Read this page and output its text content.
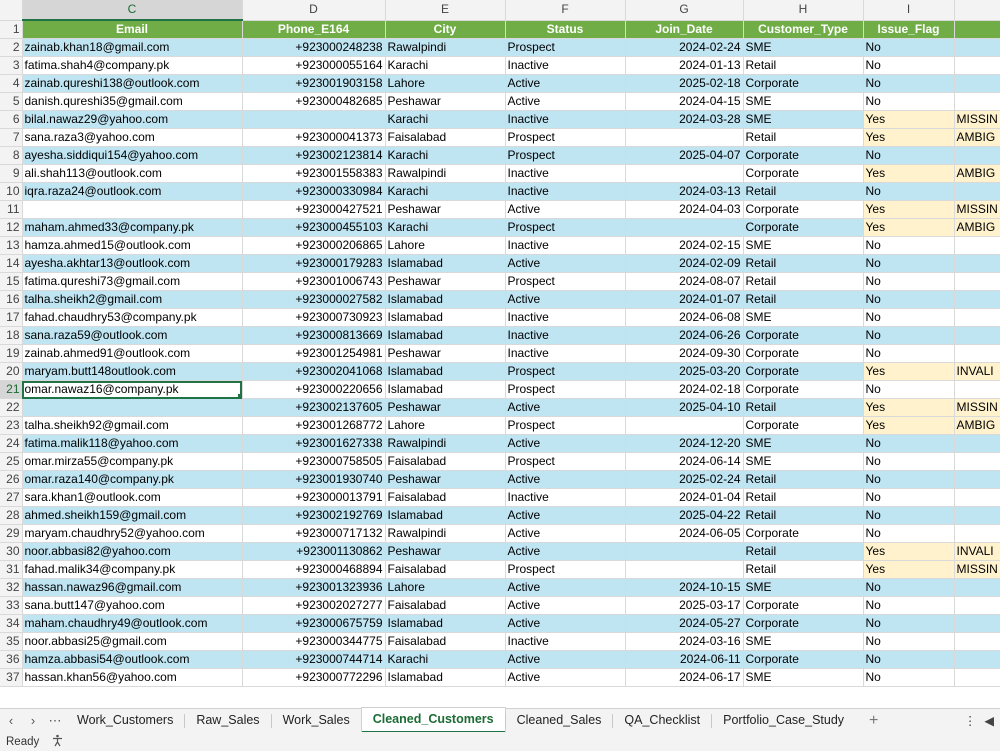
	C	D	E	F	G	H	I	
1	Email	Phone_E164	City	Status	Join_Date	Customer_Type	Issue_Flag	
2	zainab.khan18@gmail.com	+923000248238	Rawalpindi	Prospect	2024-02-24	SME	No	
3	fatima.shah4@company.pk	+923000055164	Karachi	Inactive	2024-01-13	Retail	No	
4	zainab.qureshi138@outlook.com	+923001903158	Lahore	Active	2025-02-18	Corporate	No	
5	danish.qureshi35@gmail.com	+923000482685	Peshawar	Active	2024-04-15	SME	No	
6	bilal.nawaz29@yahoo.com		Karachi	Inactive	2024-03-28	SME	Yes	MISSIN
7	sana.raza3@yahoo.com	+923000041373	Faisalabad	Prospect		Retail	Yes	AMBIG
8	ayesha.siddiqui154@yahoo.com	+923002123814	Karachi	Prospect	2025-04-07	Corporate	No	
9	ali.shah113@outlook.com	+923001558383	Rawalpindi	Inactive		Corporate	Yes	AMBIG
10	iqra.raza24@outlook.com	+923000330984	Karachi	Inactive	2024-03-13	Retail	No	
11		+923000427521	Peshawar	Active	2024-04-03	Corporate	Yes	MISSIN
12	maham.ahmed33@company.pk	+923000455103	Karachi	Prospect		Corporate	Yes	AMBIG
13	hamza.ahmed15@outlook.com	+923000206865	Lahore	Inactive	2024-02-15	SME	No	
14	ayesha.akhtar13@outlook.com	+923000179283	Islamabad	Active	2024-02-09	Retail	No	
15	fatima.qureshi73@gmail.com	+923001006743	Peshawar	Prospect	2024-08-07	Retail	No	
16	talha.sheikh2@gmail.com	+923000027582	Islamabad	Active	2024-01-07	Retail	No	
17	fahad.chaudhry53@company.pk	+923000730923	Islamabad	Inactive	2024-06-08	SME	No	
18	sana.raza59@outlook.com	+923000813669	Islamabad	Inactive	2024-06-26	Corporate	No	
19	zainab.ahmed91@outlook.com	+923001254981	Peshawar	Inactive	2024-09-30	Corporate	No	
20	maryam.butt148outlook.com	+923002041068	Islamabad	Prospect	2025-03-20	Corporate	Yes	INVALI
21	omar.nawaz16@company.pk	+923000220656	Islamabad	Prospect	2024-02-18	Corporate	No	
22		+923002137605	Peshawar	Active	2025-04-10	Retail	Yes	MISSIN
23	talha.sheikh92@gmail.com	+923001268772	Lahore	Prospect		Corporate	Yes	AMBIG
24	fatima.malik118@yahoo.com	+923001627338	Rawalpindi	Active	2024-12-20	SME	No	
25	omar.mirza55@company.pk	+923000758505	Faisalabad	Prospect	2024-06-14	SME	No	
26	omar.raza140@company.pk	+923001930740	Peshawar	Active	2025-02-24	Retail	No	
27	sara.khan1@outlook.com	+923000013791	Faisalabad	Inactive	2024-01-04	Retail	No	
28	ahmed.sheikh159@gmail.com	+923002192769	Islamabad	Active	2025-04-22	Retail	No	
29	maryam.chaudhry52@yahoo.com	+923000717132	Rawalpindi	Active	2024-06-05	Corporate	No	
30	noor.abbasi82@yahoo.com	+923001130862	Peshawar	Active		Retail	Yes	INVALI
31	fahad.malik34@company.pk	+923000468894	Faisalabad	Prospect		Retail	Yes	MISSIN
32	hassan.nawaz96@gmail.com	+923001323936	Lahore	Active	2024-10-15	SME	No	
33	sana.butt147@yahoo.com	+923002027277	Faisalabad	Active	2025-03-17	Corporate	No	
34	maham.chaudhry49@outlook.com	+923000675759	Islamabad	Active	2024-05-27	Corporate	No	
35	noor.abbasi25@gmail.com	+923000344775	Faisalabad	Inactive	2024-03-16	SME	No	
36	hamza.abbasi54@outlook.com	+923000744714	Karachi	Active	2024-06-11	Corporate	No	
37	hassan.khan56@yahoo.com	+923000772296	Islamabad	Active	2024-06-17	SME	No	
‹	›	⋯	Work_Customers	Raw_Sales	Work_Sales	Cleaned_Customers	Cleaned_Sales	QA_Checklist	Portfolio_Case_Study	+	⋮ ◀
Ready
